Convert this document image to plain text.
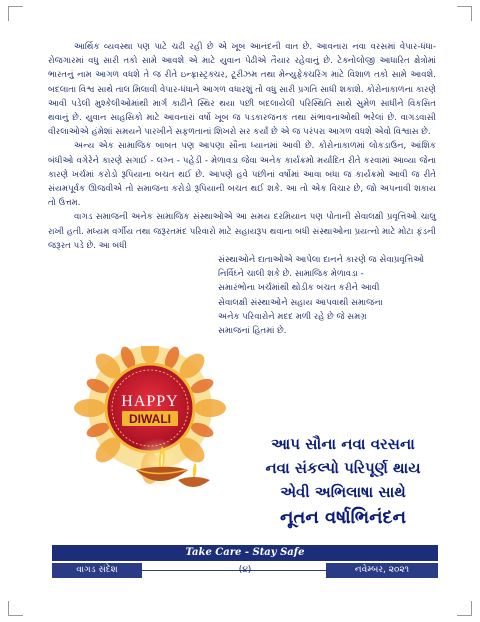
આર્થિક વ્યવસ્થા પણ પાટે ચઢી રહી છે એ ખૂબ આનંદની વાત છે. આવનારા નવા વરસમાં વેપાર-ધંધા-રોજગારમાં વધુ સારી તકો સામે આવશે એ માટે યુવાન પેઢીએ તૈયાર રહેવાનું છે. ટેક્નોલોજી આધારિત ક્ષેત્રોમાં ભારતનું નામ આગળ વધશે તે જ રીતે ઇન્ફ્રાસ્ટ્રક્ચર, ટૂરીઝમ તથા મેન્યુફેક્ચરિંગ માટે વિશાળ તકો સામે આવશે. બદલાતા વિશ્વ સાથે તાલ મિલાવી વેપાર-ધંધાને આગળ વધારશું તો વધુ સારી પ્રગતિ સાધી શકાશે. કોરોનાકાળના કારણે આવી પડેલી મુશ્કેલીઓમાંથી માર્ગ કાઢીને સ્થિર થયા પછી બદલાયેલી પરિસ્થિતિ સાથે સુમેળ સાધીને વિકસિત થવાનું છે. યુવાન સાહસિકો માટે આવનારાં વર્ષો ખૂબ જ પડકારજનક તથા સંભાવનાઓથી ભરેલાં છે. વાગડવાસી વીરલાઓએ હંમેશાં સમયને પારખીને સફળતાનાં શિખરો સર કર્યાં છે એ જ પરંપરા આગળ વધશે એવો વિશ્વાસ છે.

અન્ય એક સામાજિક બાબત પણ આપણા સૌના ધ્યાનમાં આવી છે. કોરોનાકાળમાં લોકડાઉન, આંશિક બંધીઓ વગેરેને કારણે સગાઈ - લગ્ન - પહેડી - મેળાવડા જેવા અનેક કાર્યક્રમો મર્યાદિત રીતે કરવામાં આવ્યા જેના કારણે ખર્ચમાં કરોડો રૂપિયાના બચત થઈ છે. આપણે હવે પછીનાં વર્ષોમાં આવા બધા જ કાર્યક્રમો આવી જ રીતે સંયમપૂર્વક ઊજવીએ તો સમાજના કરોડો રૂપિયાની બચત થઈ શકે. આ તો એક વિચાર છે, જો અપનાવી શકાય તો ઉત્તમ.

વાગડ સમાજની અનેક સામાજિક સંસ્થાઓએ આ સમય દરમિયાન પણ પોતાની સેવાલક્ષી પ્રવૃત્તિઓ ચાલુ રાખી હતી. મધ્યમ વર્ગીય તથા જરૂરતમંદ પરિવારો માટે સહાયરૂપ થવાના બધી સંસ્થાઓના પ્રયત્નો માટે મોટા ફંડની જરૂરત પડે છે. આ બધી

સંસ્થાઓને દાતાઓએ આપેલા દાનને કારણે જ સેવાપ્રવૃત્તિઓ

નિર્વિઘ્ને ચાલી શકે છે. સામાજિક મેળાવડા -

સમારંભોના ખર્ચમાંથી થોડીક બચત કરીને આવી

સેવાલક્ષી સંસ્થાઓને સહાય આપવાથી સમાજના

અનેક પરિવારોને મદદ મળી રહે છે જે સમગ્ર

સમાજનાં હિતમાં છે.

HAPPY
DIWALI
આપ સૌના નવા વરસના
નવા સંકલ્પો પરિપૂર્ણ થાય
એવી અભિલાષા સાથે
નૂતન વર્ષાભિનંદન
Take Care - Stay Safe
વાગડ સંદેશ	(૪)	નવેમ્બર, ૨૦૨૧
